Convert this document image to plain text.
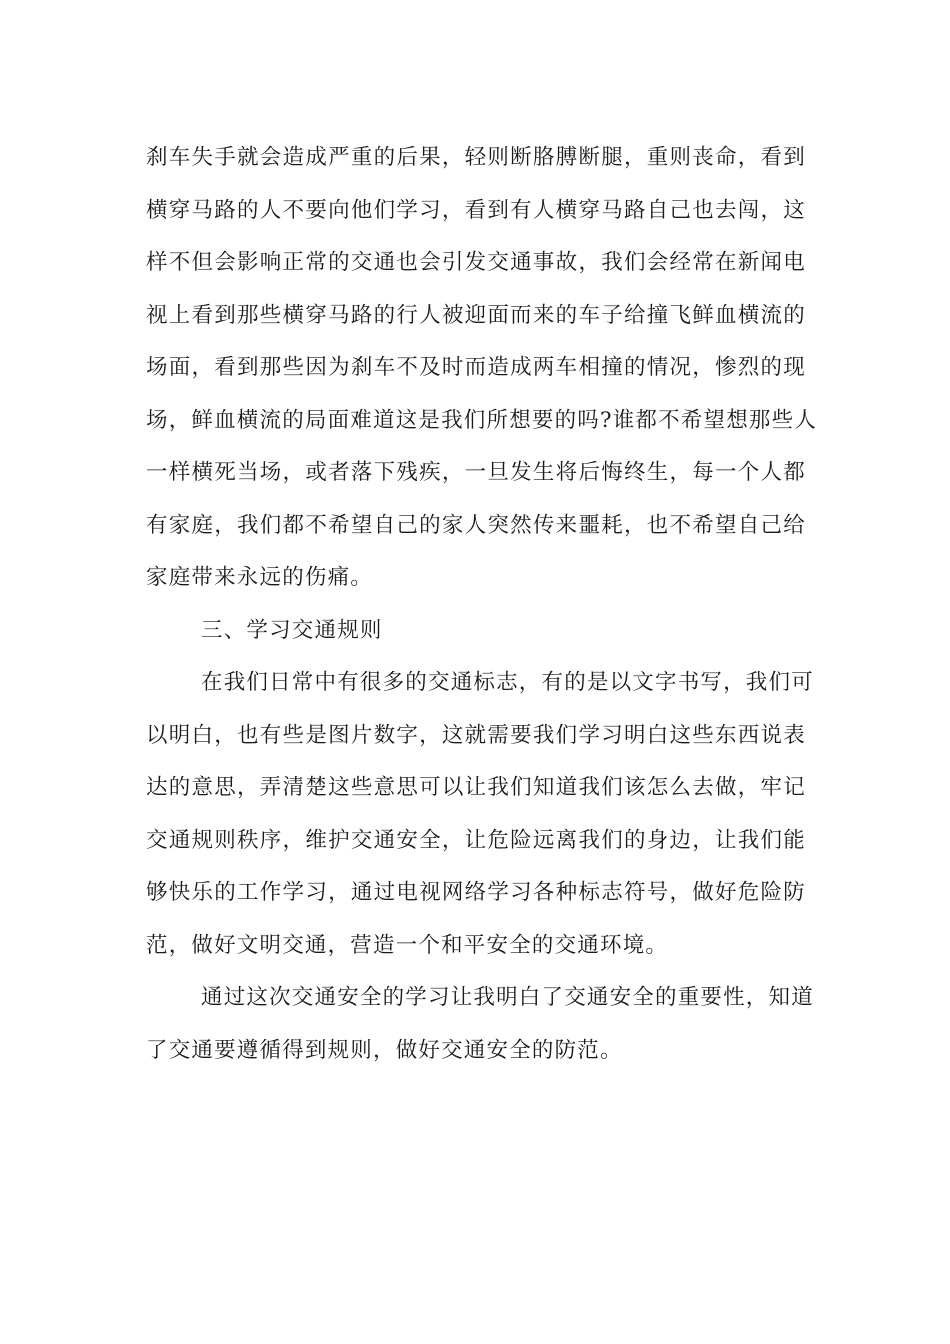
刹车失手就会造成严重的后果，轻则断胳膊断腿，重则丧命，看到
横穿马路的人不要向他们学习，看到有人横穿马路自己也去闯，这
样不但会影响正常的交通也会引发交通事故，我们会经常在新闻电
视上看到那些横穿马路的行人被迎面而来的车子给撞飞鲜血横流的
场面，看到那些因为刹车不及时而造成两车相撞的情况，惨烈的现
场，鲜血横流的局面难道这是我们所想要的吗?谁都不希望想那些人
一样横死当场，或者落下残疾，一旦发生将后悔终生，每一个人都
有家庭，我们都不希望自己的家人突然传来噩耗，也不希望自己给
家庭带来永远的伤痛。
三、学习交通规则
在我们日常中有很多的交通标志，有的是以文字书写，我们可
以明白，也有些是图片数字，这就需要我们学习明白这些东西说表
达的意思，弄清楚这些意思可以让我们知道我们该怎么去做，牢记
交通规则秩序，维护交通安全，让危险远离我们的身边，让我们能
够快乐的工作学习，通过电视网络学习各种标志符号，做好危险防
范，做好文明交通，营造一个和平安全的交通环境。
通过这次交通安全的学习让我明白了交通安全的重要性，知道
了交通要遵循得到规则，做好交通安全的防范。
